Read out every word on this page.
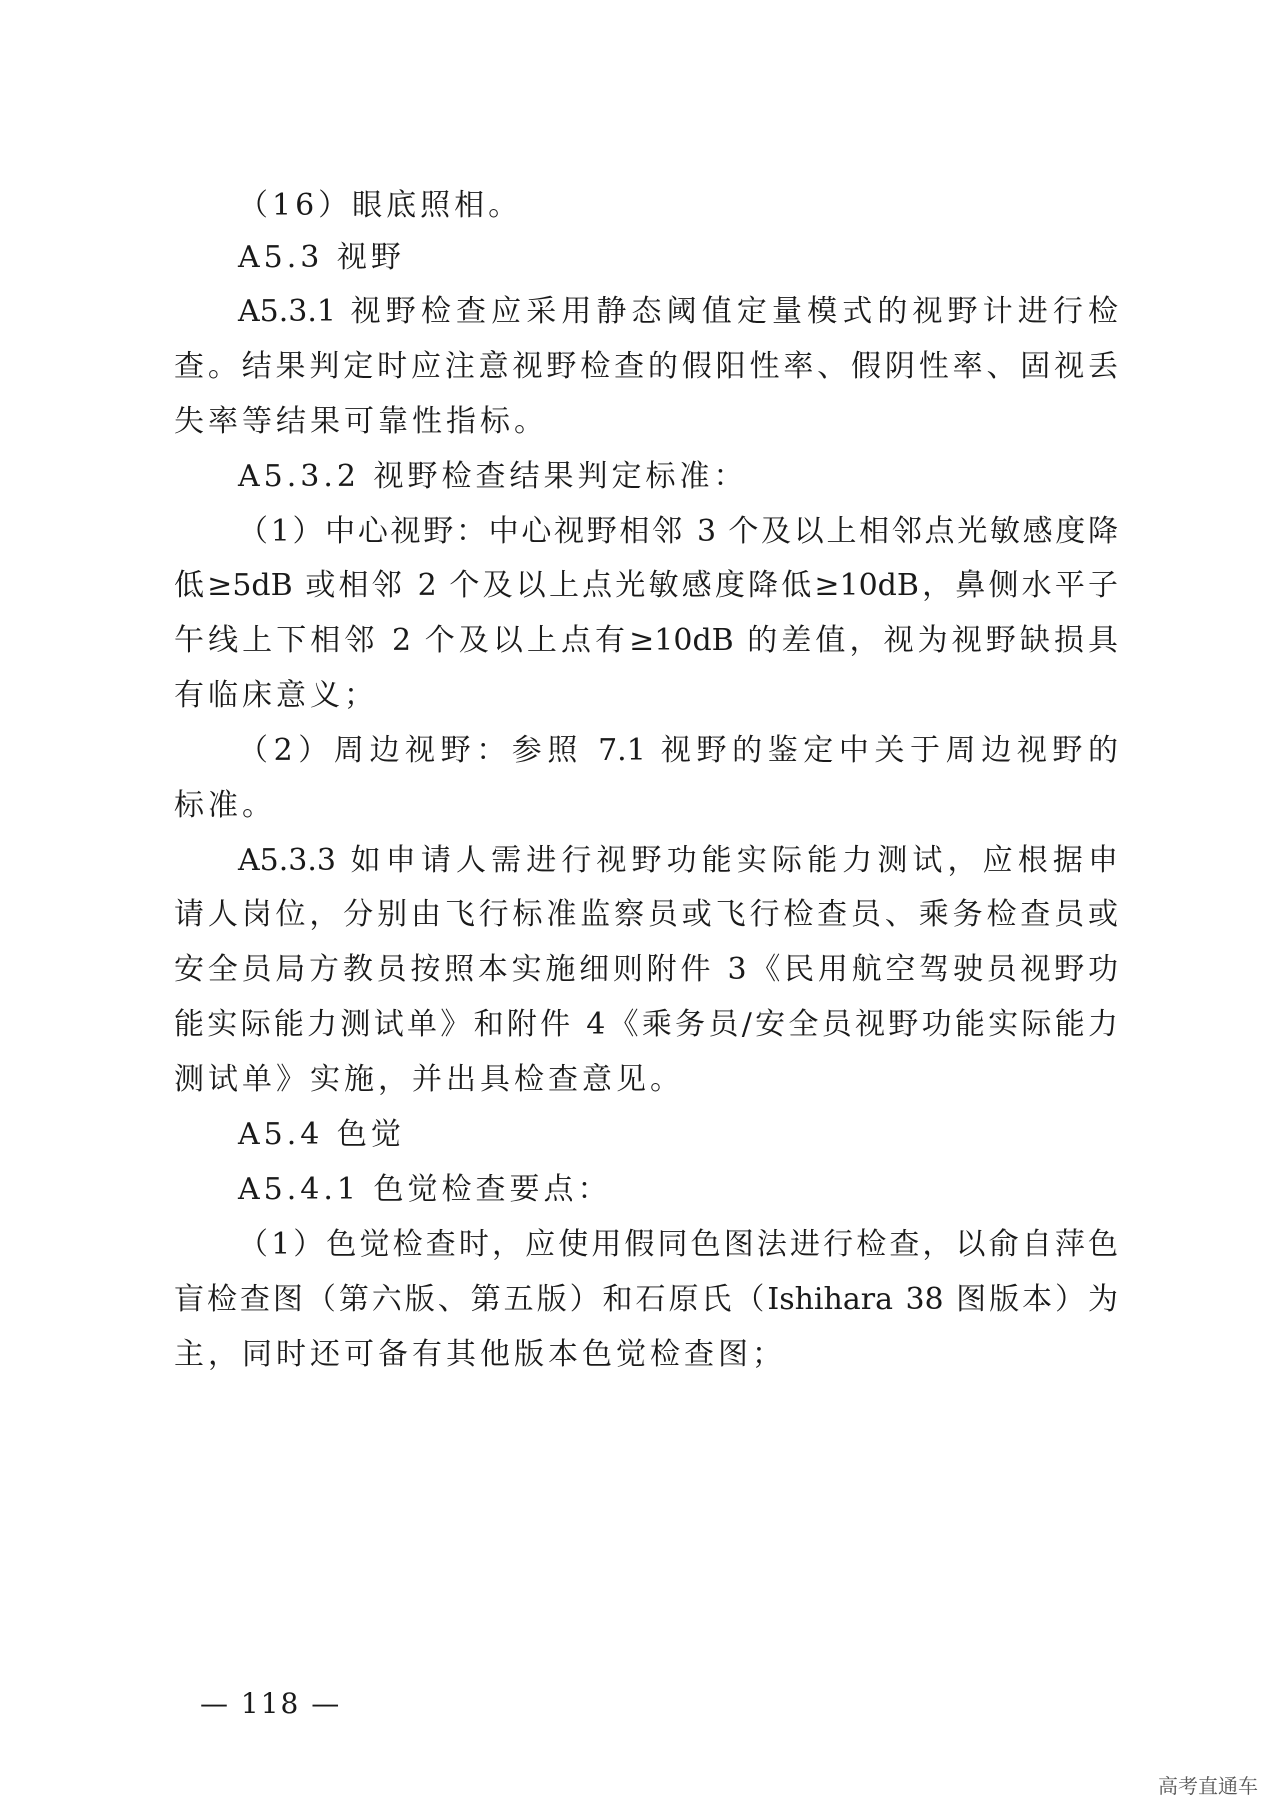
（16）眼底照相。
A5.3 视野
A5.3.1 视野检查应采用静态阈值定量模式的视野计进行检
查。结果判定时应注意视野检查的假阳性率、假阴性率、固视丢
失率等结果可靠性指标。
A5.3.2 视野检查结果判定标准：
（1）中心视野：中心视野相邻 3 个及以上相邻点光敏感度降
低≥5dB 或相邻 2 个及以上点光敏感度降低≥10dB，鼻侧水平子
午线上下相邻 2 个及以上点有≥10dB 的差值，视为视野缺损具
有临床意义；
（2）周边视野：参照 7.1 视野的鉴定中关于周边视野的
标准。
A5.3.3 如申请人需进行视野功能实际能力测试，应根据申
请人岗位，分别由飞行标准监察员或飞行检查员、乘务检查员或
安全员局方教员按照本实施细则附件 3《民用航空驾驶员视野功
能实际能力测试单》和附件 4《乘务员/安全员视野功能实际能力
测试单》实施，并出具检查意见。
A5.4 色觉
A5.4.1 色觉检查要点：
（1）色觉检查时，应使用假同色图法进行检查，以俞自萍色
盲检查图（第六版、第五版）和石原氏（Ishihara 38 图版本）为
主，同时还可备有其他版本色觉检查图；
— 118 —
高考直通车
